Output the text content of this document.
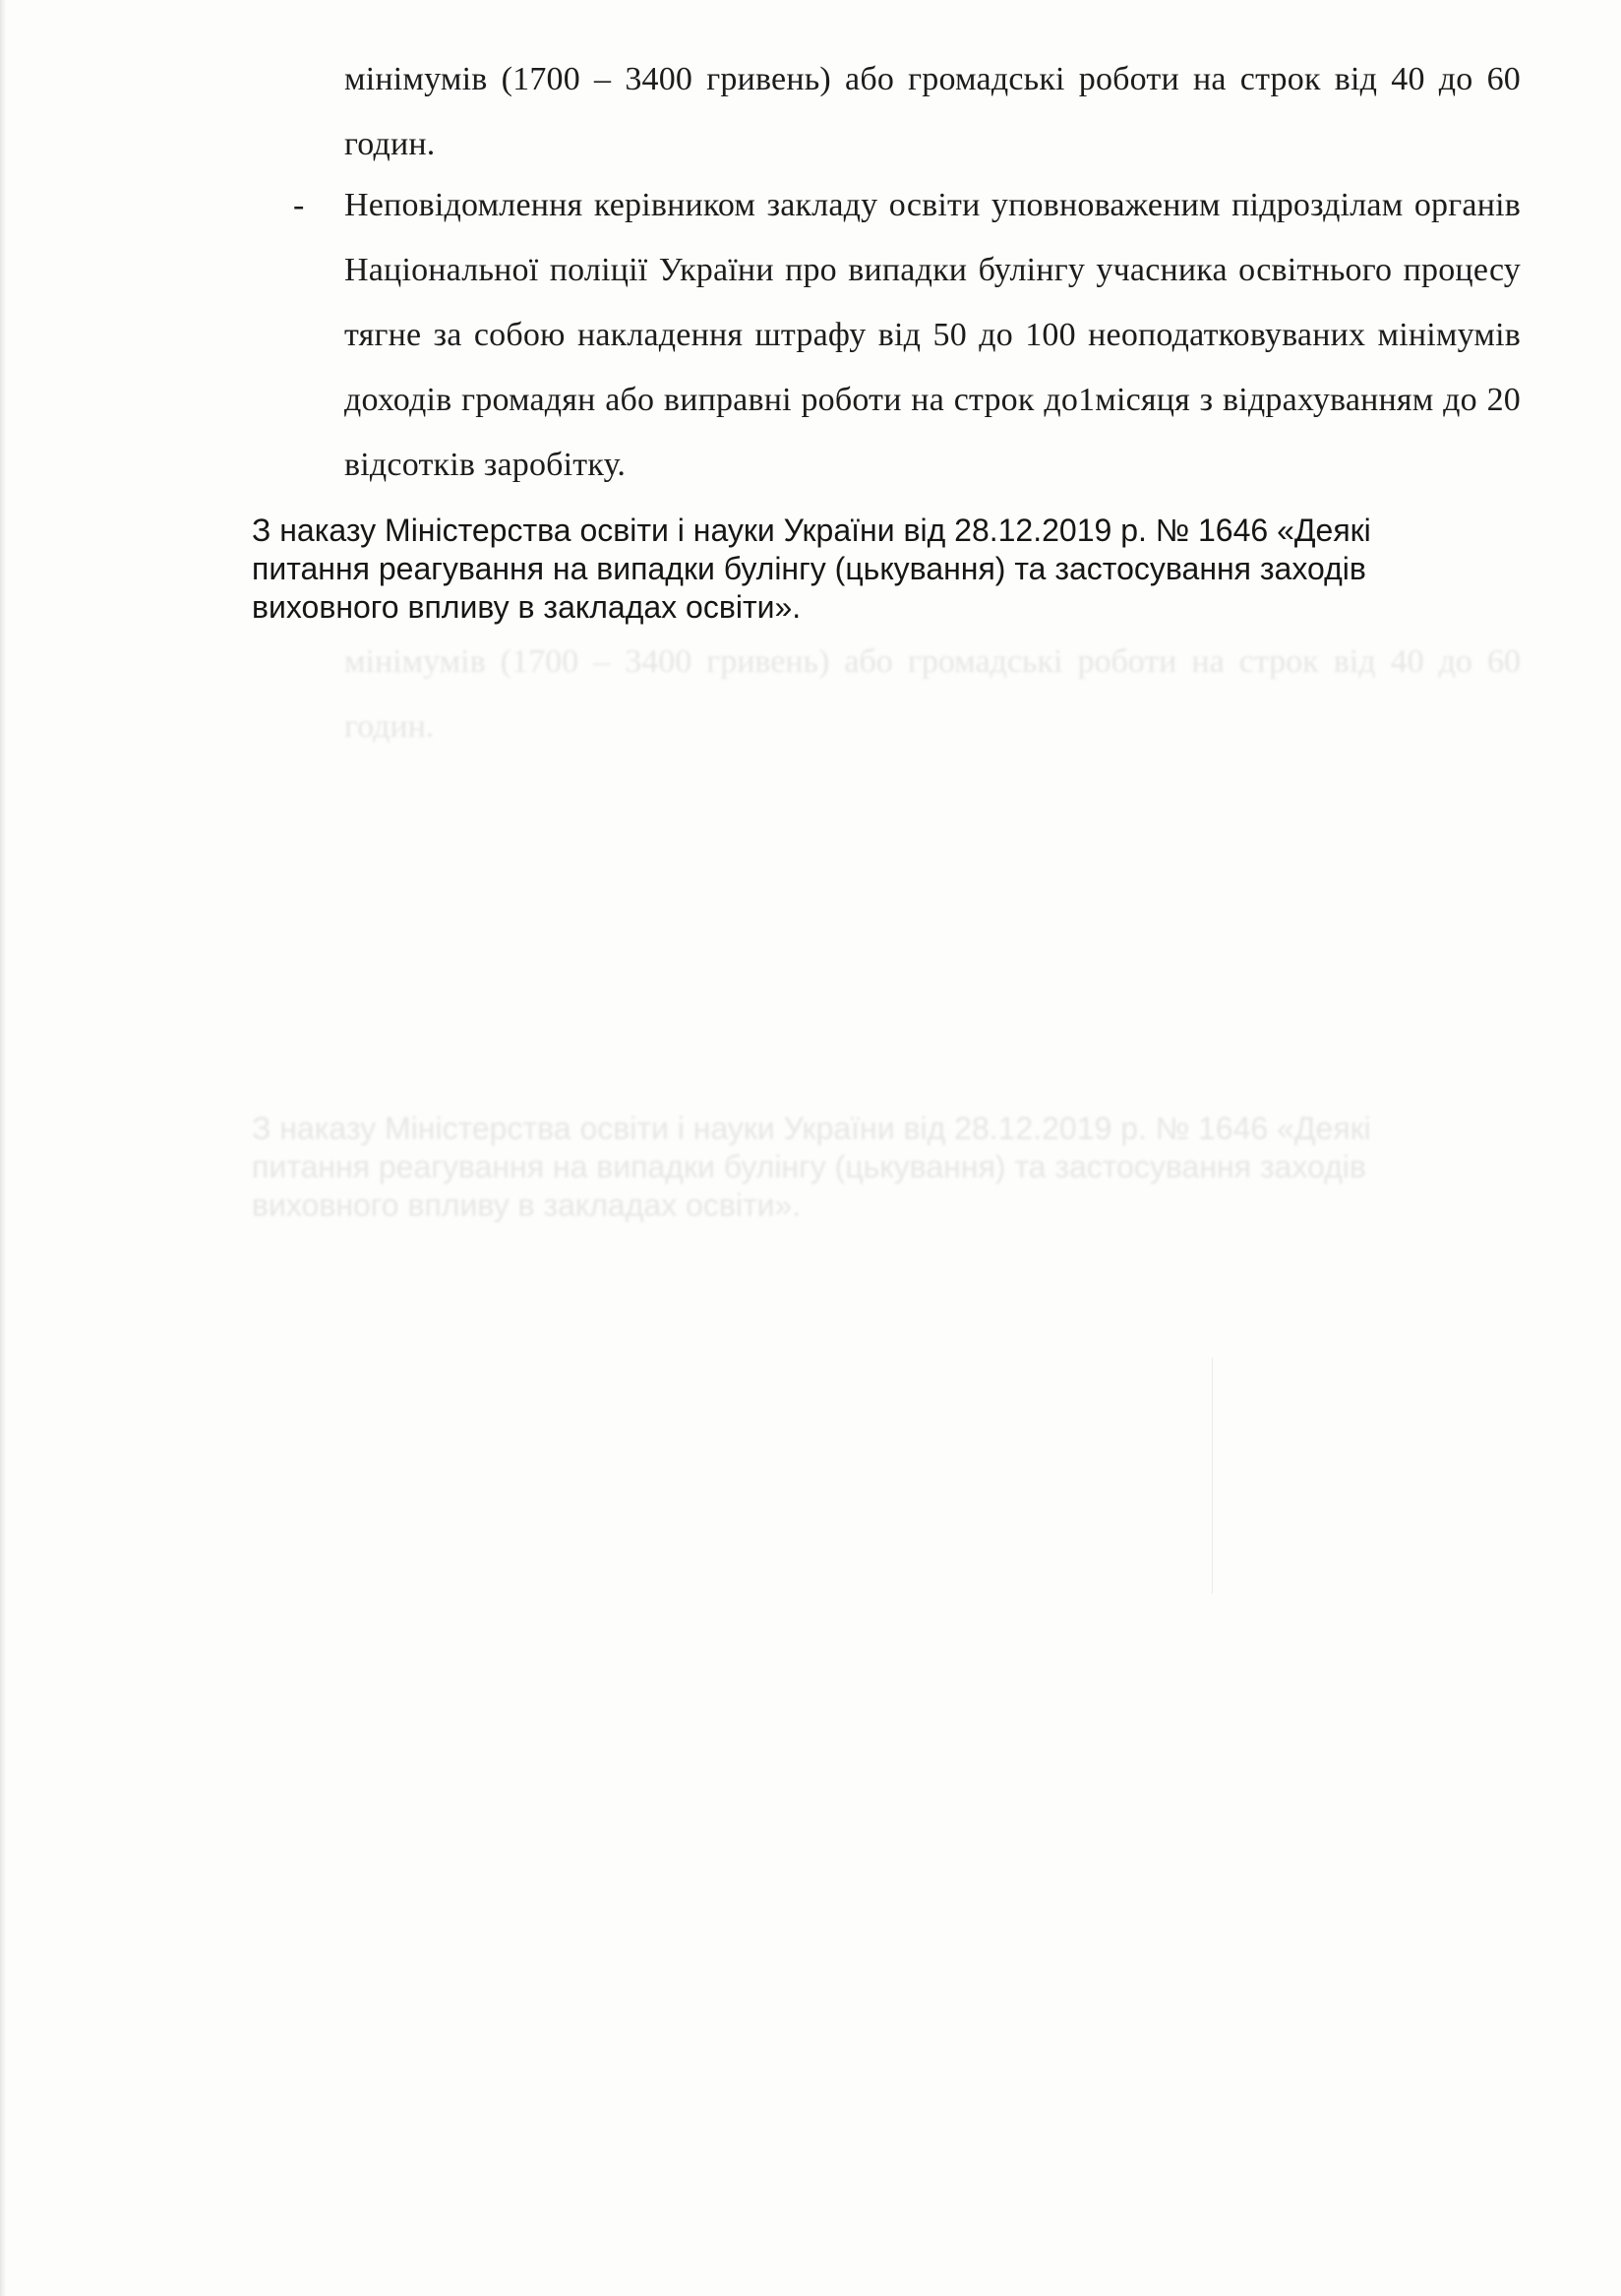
мінімумів (1700 – 3400 гривень) або громадські роботи на строк від 40 до 60 годин.
З наказу Міністерства освіти і науки України від 28.12.2019 р. № 1646 «Деякі
питання реагування на випадки булінгу (цькування) та застосування заходів
виховного впливу в закладах освіти».
мінімумів (1700 – 3400 гривень) або громадські роботи на строк від 40 до 60 годин.
- Неповідомлення керівником закладу освіти уповноваженим підрозділам органів Національної поліції України про випадки булінгу учасника освітнього процесу тягне за собою накладення штрафу від 50 до 100 неоподатковуваних мінімумів доходів громадян або виправні роботи на строк до1місяця з відрахуванням до 20 відсотків заробітку.
З наказу Міністерства освіти і науки України від 28.12.2019 р. № 1646 «Деякі
питання реагування на випадки булінгу (цькування) та застосування заходів
виховного впливу в закладах освіти».
